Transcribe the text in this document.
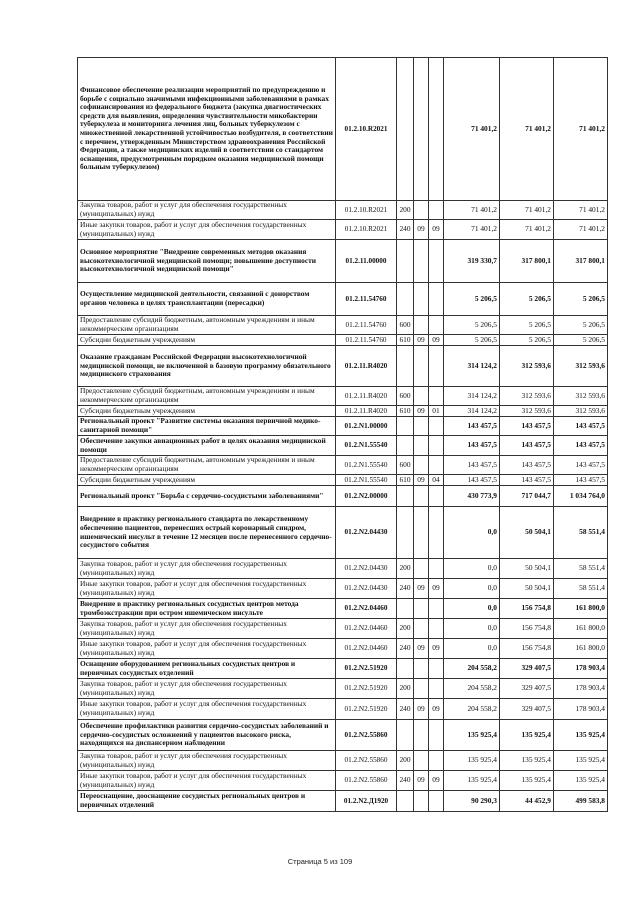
Финансовое обеспечение реализации мероприятий по предупреждению и борьбе с социально значимыми инфекционными заболеваниями в рамках софинансирования из федерального бюджета (закупка диагностических средств для выявления, определения чувствительности микобактерии туберкулеза и мониторинга лечения лиц, больных туберкулезом с множественной лекарственной устойчивостью возбудителя, в соответствии с перечнем, утвержденным Министерством здравоохранения Российской Федерации, а также медицинских изделий в соответствии со стандартом оснащения, предусмотренным порядком оказания медицинской помощи больным туберкулезом)	01.2.10.R2021				71 401,2	71 401,2	71 401,2
Закупка товаров, работ и услуг для обеспечения государственных (муниципальных) нужд	01.2.10.R2021	200			71 401,2	71 401,2	71 401,2
Иные закупки товаров, работ и услуг для обеспечения государственных (муниципальных) нужд	01.2.10.R2021	240	09	09	71 401,2	71 401,2	71 401,2
Основное мероприятие "Внедрение современных методов оказания высокотехнологичной медицинской помощи; повышение доступности высокотехнологичной медицинской помощи"	01.2.11.00000				319 330,7	317 800,1	317 800,1
Осуществление медицинской деятельности, связанной с донорством органов человека в целях трансплантации (пересадки)	01.2.11.54760				5 206,5	5 206,5	5 206,5
Предоставление субсидий бюджетным, автономным учреждениям и иным некоммерческим организациям	01.2.11.54760	600			5 206,5	5 206,5	5 206,5
Субсидии бюджетным учреждениям	01.2.11.54760	610	09	09	5 206,5	5 206,5	5 206,5
Оказание гражданам Российской Федерации высокотехнологичной медицинской помощи, не включенной в базовую программу обязательного медицинского страхования	01.2.11.R4020				314 124,2	312 593,6	312 593,6
Предоставление субсидий бюджетным, автономным учреждениям и иным некоммерческим организациям	01.2.11.R4020	600			314 124,2	312 593,6	312 593,6
Субсидии бюджетным учреждениям	01.2.11.R4020	610	09	01	314 124,2	312 593,6	312 593,6
Региональный проект "Развитие системы оказания первичной медико-санитарной помощи"	01.2.N1.00000				143 457,5	143 457,5	143 457,5
Обеспечение закупки авиационных работ в целях оказания медицинской помощи	01.2.N1.55540				143 457,5	143 457,5	143 457,5
Предоставление субсидий бюджетным, автономным учреждениям и иным некоммерческим организациям	01.2.N1.55540	600			143 457,5	143 457,5	143 457,5
Субсидии бюджетным учреждениям	01.2.N1.55540	610	09	04	143 457,5	143 457,5	143 457,5
Региональный проект "Борьба с сердечно-сосудистыми заболеваниями"	01.2.N2.00000				430 773,9	717 044,7	1 034 764,0
Внедрение в практику регионального стандарта по лекарственному обеспечению пациентов, перенесших острый коронарный синдром, ишемический инсульт в течение 12 месяцев после перенесенного сердечно-сосудистого события	01.2.N2.04430				0,0	50 504,1	58 551,4
Закупка товаров, работ и услуг для обеспечения государственных (муниципальных) нужд	01.2.N2.04430	200			0,0	50 504,1	58 551,4
Иные закупки товаров, работ и услуг для обеспечения государственных (муниципальных) нужд	01.2.N2.04430	240	09	09	0,0	50 504,1	58 551,4
Внедрение в практику региональных сосудистых центров метода тромбоэкстракции при остром ишемическом инсульте	01.2.N2.04460				0,0	156 754,8	161 800,0
Закупка товаров, работ и услуг для обеспечения государственных (муниципальных) нужд	01.2.N2.04460	200			0,0	156 754,8	161 800,0
Иные закупки товаров, работ и услуг для обеспечения государственных (муниципальных) нужд	01.2.N2.04460	240	09	09	0,0	156 754,8	161 800,0
Оснащение оборудованием региональных сосудистых центров и первичных сосудистых отделений	01.2.N2.51920				204 558,2	329 407,5	178 903,4
Закупка товаров, работ и услуг для обеспечения государственных (муниципальных) нужд	01.2.N2.51920	200			204 558,2	329 407,5	178 903,4
Иные закупки товаров, работ и услуг для обеспечения государственных (муниципальных) нужд	01.2.N2.51920	240	09	09	204 558,2	329 407,5	178 903,4
Обеспечение профилактики развития сердечно-сосудистых заболеваний и сердечно-сосудистых осложнений у пациентов высокого риска, находящихся на диспансерном наблюдении	01.2.N2.55860				135 925,4	135 925,4	135 925,4
Закупка товаров, работ и услуг для обеспечения государственных (муниципальных) нужд	01.2.N2.55860	200			135 925,4	135 925,4	135 925,4
Иные закупки товаров, работ и услуг для обеспечения государственных (муниципальных) нужд	01.2.N2.55860	240	09	09	135 925,4	135 925,4	135 925,4
Переоснащение, дооснащение сосудистых региональных центров и первичных отделений	01.2.N2.Д1920				90 290,3	44 452,9	499 583,8
Страница 5 из 109
